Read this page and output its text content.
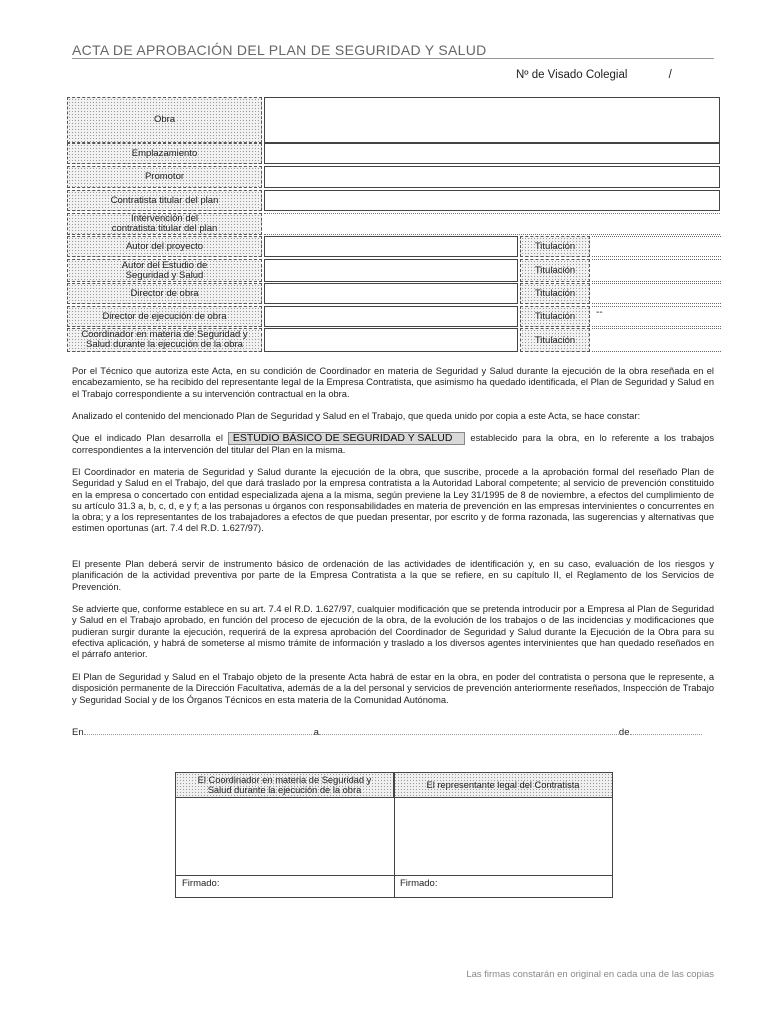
ACTA DE APROBACIÓN DEL PLAN DE SEGURIDAD Y SALUD
Nº de Visado Colegial	/
Obra
Emplazamiento
Promotor
Contratista titular del plan
Intervención del
contratista titular del plan
Autor del proyecto	Titulación
Autor del Estudio de
Seguridad y Salud	Titulación
Director de obra	Titulación
Director de ejecución de obra	Titulación	--
Coordinador en materia de Seguridad y
Salud durante la ejecución de la obra	Titulación
Por el Técnico que autoriza este Acta, en su condición de Coordinador en materia de Seguridad y Salud durante la ejecución de la obra reseñada en el encabezamiento, se ha recibido del representante legal de la Empresa Contratista, que asimismo ha quedado identificada, el Plan de Seguridad y Salud en el Trabajo correspondiente a su intervención contractual en la obra.
Analizado el contenido del mencionado Plan de Seguridad y Salud en el Trabajo, que queda unido por copia a este Acta, se hace constar:
Que el indicado Plan desarrolla el ESTUDIO BÁSICO DE SEGURIDAD Y SALUD establecido para la obra, en lo referente a los trabajos correspondientes a la intervención del titular del Plan en la misma.
El Coordinador en materia de Seguridad y Salud durante la ejecución de la obra, que suscribe, procede a la aprobación formal del reseñado Plan de Seguridad y Salud en el Trabajo, del que dará traslado por la empresa contratista a la Autoridad Laboral competente; al servicio de prevención constituido en la empresa o concertado con entidad especializada ajena a la misma, según previene la Ley 31/1995 de 8 de noviembre, a efectos del cumplimiento de su artículo 31.3 a, b, c, d, e y f; a las personas u órganos con responsabilidades en materia de prevención en las empresas intervinientes o concurrentes en la obra; y a los representantes de los trabajadores a efectos de que puedan presentar, por escrito y de forma razonada, las sugerencias y alternativas que estimen oportunas (art. 7.4 del R.D. 1.627/97).
El presente Plan deberá servir de instrumento básico de ordenación de las actividades de identificación y, en su caso, evaluación de los riesgos y planificación de la actividad preventiva por parte de la Empresa Contratista a la que se refiere, en su capítulo II, el Reglamento de los Servicios de Prevención.
Se advierte que, conforme establece en su art. 7.4 el R.D. 1.627/97, cualquier modificación que se pretenda introducir por a Empresa al Plan de Seguridad y Salud en el Trabajo aprobado, en función del proceso de ejecución de la obra, de la evolución de los trabajos o de las incidencias y modificaciones que pudieran surgir durante la ejecución, requerirá de la expresa aprobación del Coordinador de Seguridad y Salud durante la Ejecución de la Obra para su efectiva aplicación, y habrá de someterse al mismo trámite de información y traslado a los diversos agentes intervinientes que han quedado reseñados en el párrafo anterior.
El Plan de Seguridad y Salud en el Trabajo objeto de la presente Acta habrá de estar en la obra, en poder del contratista o persona que le represente, a disposición permanente de la Dirección Facultativa, además de a la del personal y servicios de prevención anteriormente reseñados, Inspección de Trabajo y Seguridad Social y de los Órganos Técnicos en esta materia de la Comunidad Autónoma.
En	a	de
El Coordinador en materia de Seguridad y
Salud durante la ejecución de la obra	El representante legal del Contratista
Firmado:	Firmado:
Las firmas constarán en original en cada una de las copias
